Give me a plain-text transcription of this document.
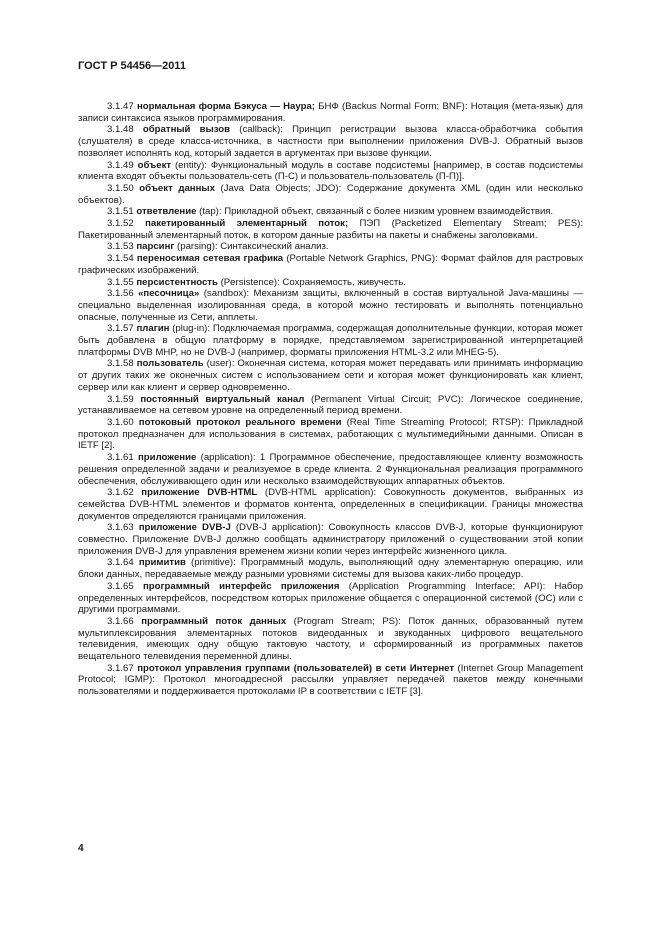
ГОСТ Р 54456—2011

3.1.47 нормальная форма Бэкуса — Наура; БНФ (Backus Normal Form; BNF): Нотация (мета-язык) для записи синтаксиса языков программирования.

3.1.48 обратный вызов (callback): Принцип регистрации вызова класса-обработчика события (слушателя) в среде класса-источника, в частности при выполнении приложения DVB-J. Обратный вызов позволяет исполнять код, который задается в аргументах при вызове функции.

3.1.49 объект (entity): Функциональный модуль в составе подсистемы [например, в состав подсистемы клиента входят объекты пользователь-сеть (П-С) и пользователь-пользователь (П-П)].

3.1.50 объект данных (Java Data Objects; JDO): Содержание документа XML (один или несколько объектов).

3.1.51 ответвление (tap): Прикладной объект, связанный с более низким уровнем взаимодействия.

3.1.52 пакетированный элементарный поток; ПЭП (Packetized Elementary Stream; PES): Пакетированный элементарный поток, в котором данные разбиты на пакеты и снабжены заголовками.

3.1.53 парсинг (parsing): Синтаксический анализ.

3.1.54 переносимая сетевая графика (Portable Network Graphics, PNG): Формат файлов для растровых графических изображений.

3.1.55 персистентность (Persistence): Сохраняемость, живучесть.

3.1.56 «песочница» (sandbox): Механизм защиты, включенный в состав виртуальной Java-машины — специально выделенная изолированная среда, в которой можно тестировать и выполнять потенциально опасные, полученные из Сети, апплеты.

3.1.57 плагин (plug-in): Подключаемая программа, содержащая дополнительные функции, которая может быть добавлена в общую платформу в порядке, представляемом зарегистрированной интерпретацией платформы DVB MHP, но не DVB-J (например, форматы приложения HTML-3.2 или MHEG-5).

3.1.58 пользователь (user): Оконечная система, которая может передавать или принимать информацию от других таких же оконечных систем с использованием сети и которая может функционировать как клиент, сервер или как клиент и сервер одновременно.

3.1.59 постоянный виртуальный канал (Permanent Virtual Circuit; PVC): Логическое соединение, устанавливаемое на сетевом уровне на определенный период времени.

3.1.60 потоковый протокол реального времени (Real Time Streaming Protocol; RTSP): Прикладной протокол предназначен для использования в системах, работающих с мультимедийными данными. Описан в IETF [2].

3.1.61 приложение (application): 1 Программное обеспечение, предоставляющее клиенту возможность решения определенной задачи и реализуемое в среде клиента. 2 Функциональная реализация программного обеспечения, обслуживающего один или несколько взаимодействующих аппаратных объектов.

3.1.62 приложение DVB-HTML (DVB-HTML application): Совокупность документов, выбранных из семейства DVB-HTML элементов и форматов контента, определенных в спецификации. Границы множества документов определяются границами приложения.

3.1.63 приложение DVB-J (DVB-J application): Совокупность классов DVB-J, которые функционируют совместно. Приложение DVB-J должно сообщать администратору приложений о существовании этой копии приложения DVB-J для управления временем жизни копии через интерфейс жизненного цикла.

3.1.64 примитив (primitive): Программный модуль, выполняющий одну элементарную операцию, или блоки данных, передаваемые между разными уровнями системы для вызова каких-либо процедур.

3.1.65 программный интерфейс приложения (Application Programming Interface; API): Набор определенных интерфейсов, посредством которых приложение общается с операционной системой (ОС) или с другими программами.

3.1.66 программный поток данных (Program Stream; PS): Поток данных, образованный путем мультиплексирования элементарных потоков видеоданных и звукоданных цифрового вещательного телевидения, имеющих одну общую тактовую частоту, и сформированный из программных пакетов вещательного телевидения переменной длины.

3.1.67 протокол управления группами (пользователей) в сети Интернет (Internet Group Management Protocol; IGMP): Протокол многоадресной рассылки управляет передачей пакетов между конечными пользователями и поддерживается протоколами IP в соответствии с IETF [3].

4
